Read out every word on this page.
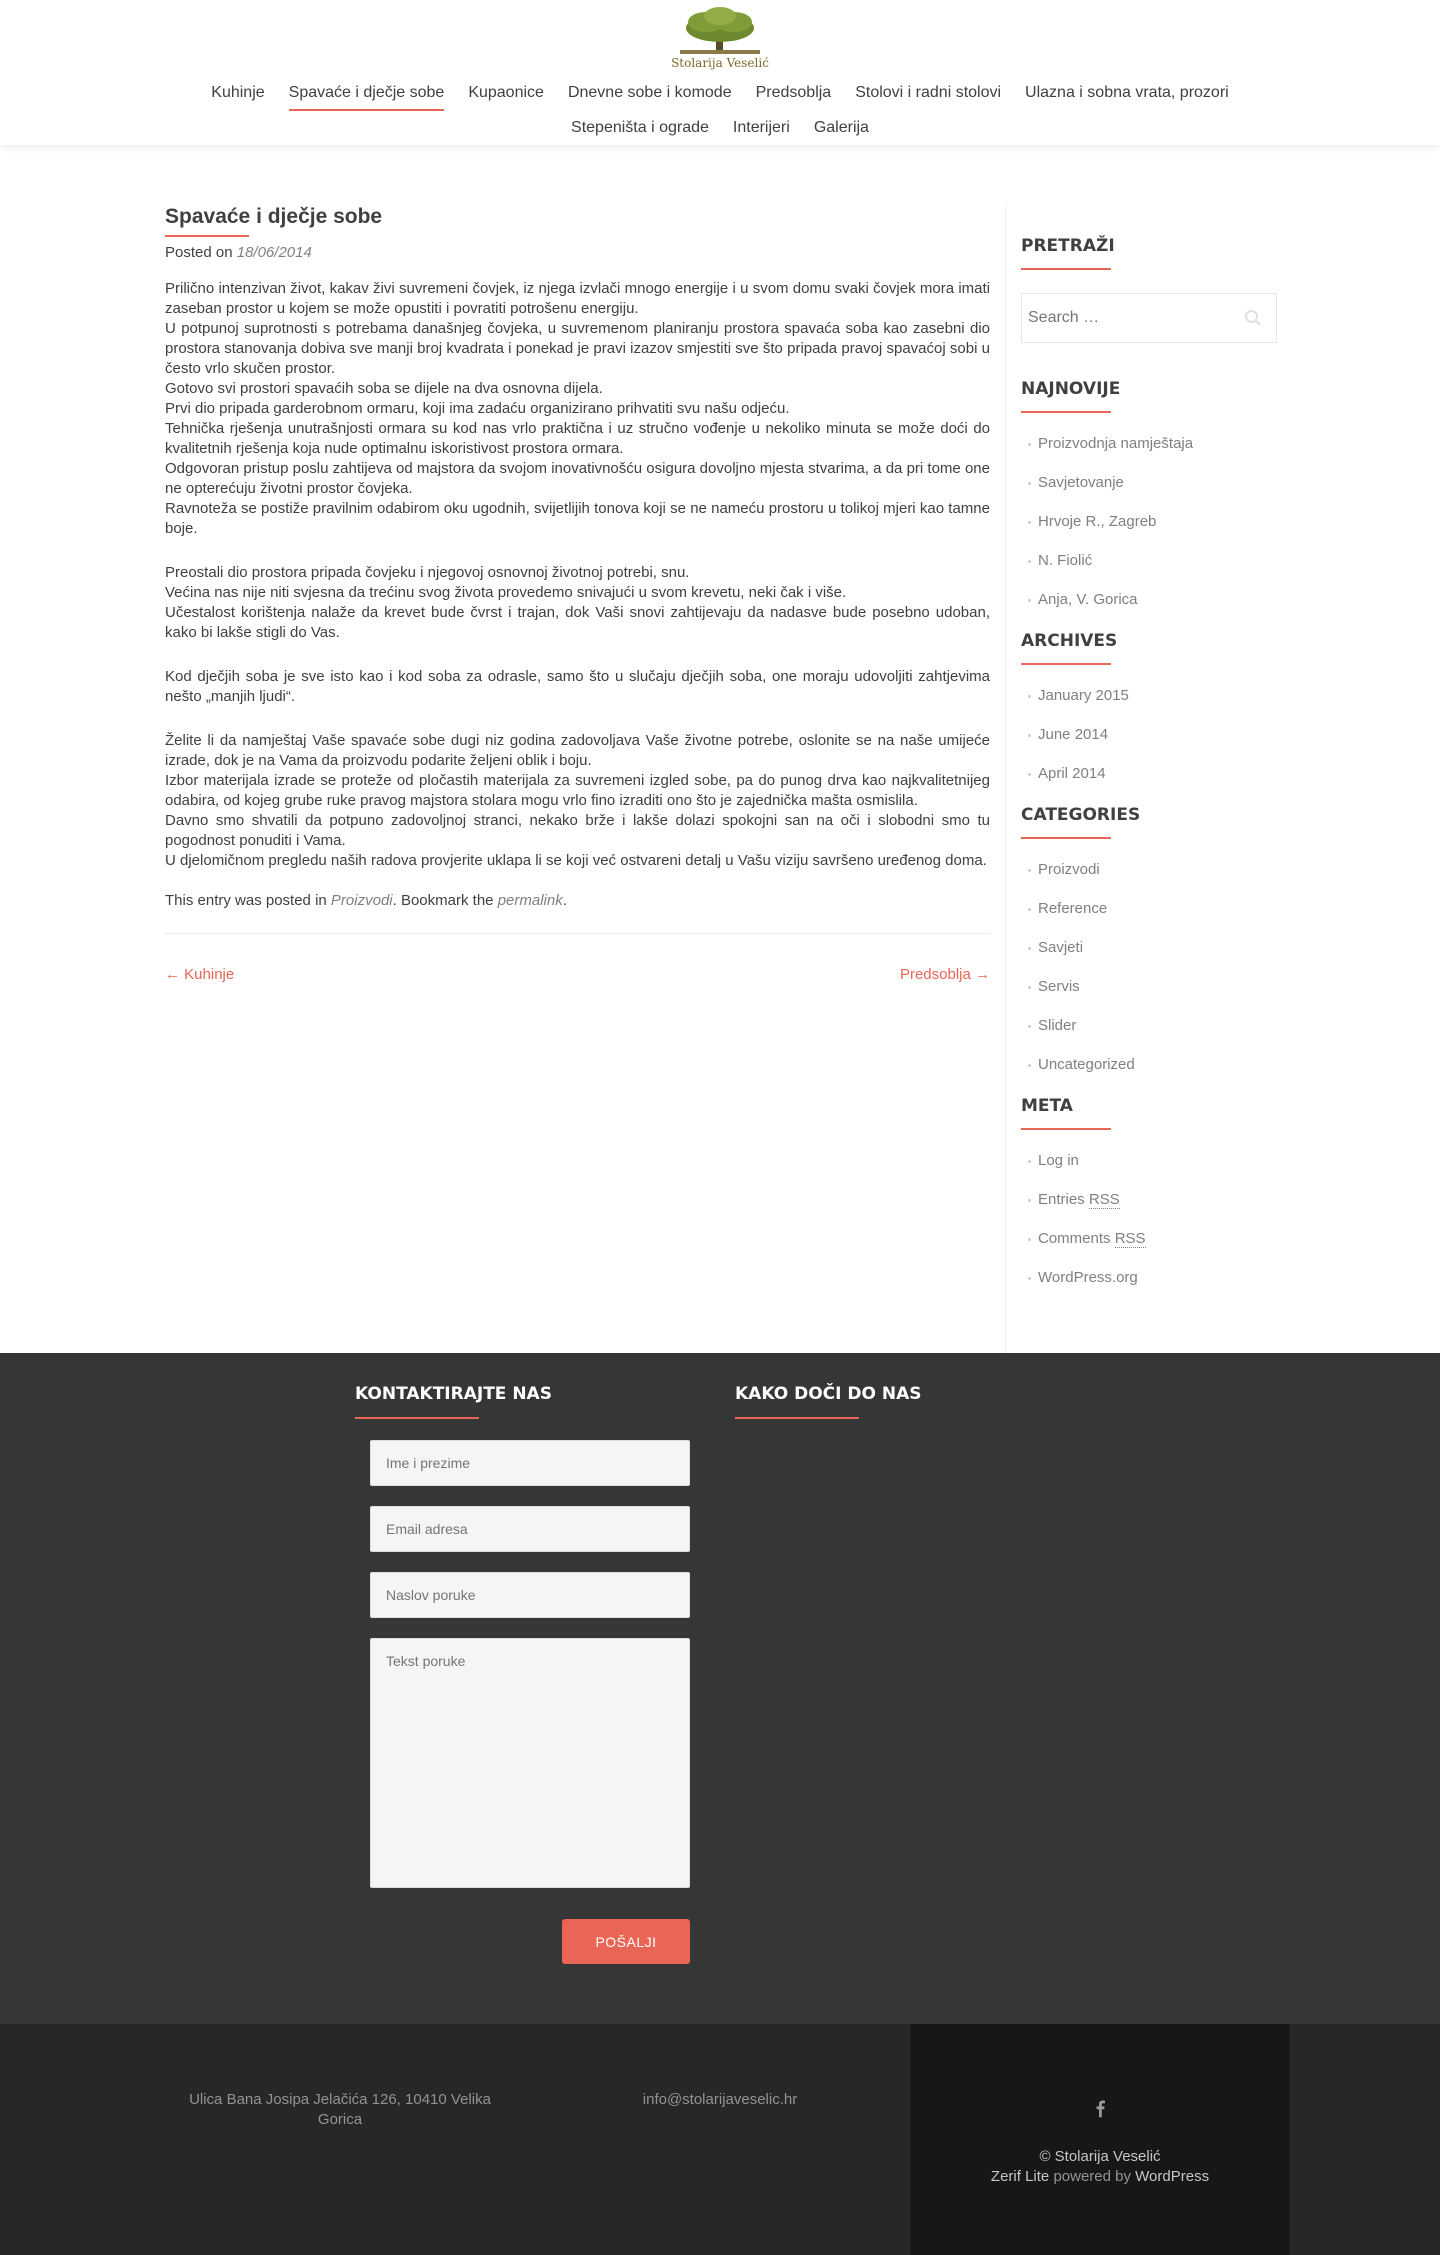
Stolarija Veselić
Kuhinje	Spavaće i dječje sobe	Kupaonice	Dnevne sobe i komode	Predsoblja	Stolovi i radni stolovi	Ulazna i sobna vrata, prozori
Stepeništa i ograde	Interijeri	Galerija
Spavaće i dječje sobe
Posted on 18/06/2014

Prilično intenzivan život, kakav živi suvremeni čovjek, iz njega izvlači mnogo energije i u svom domu svaki čovjek mora imati zaseban prostor u kojem se može opustiti i povratiti potrošenu energiju.
U potpunoj suprotnosti s potrebama današnjeg čovjeka, u suvremenom planiranju prostora spavaća soba kao zasebni dio prostora stanovanja dobiva sve manji broj kvadrata i ponekad je pravi izazov smjestiti sve što pripada pravoj spavaćoj sobi u često vrlo skučen prostor.
Gotovo svi prostori spavaćih soba se dijele na dva osnovna dijela.
Prvi dio pripada garderobnom ormaru, koji ima zadaću organizirano prihvatiti svu našu odjeću.
Tehnička rješenja unutrašnjosti ormara su kod nas vrlo praktična i uz stručno vođenje u nekoliko minuta se može doći do kvalitetnih rješenja koja nude optimalnu iskoristivost prostora ormara.
Odgovoran pristup poslu zahtijeva od majstora da svojom inovativnošću osigura dovoljno mjesta stvarima, a da pri tome one ne opterećuju životni prostor čovjeka.
Ravnoteža se postiže pravilnim odabirom oku ugodnih, svijetlijih tonova koji se ne nameću prostoru u tolikoj mjeri kao tamne boje.

Preostali dio prostora pripada čovjeku i njegovoj osnovnoj životnoj potrebi, snu.
Većina nas nije niti svjesna da trećinu svog života provedemo snivajući u svom krevetu, neki čak i više.
Učestalost korištenja nalaže da krevet bude čvrst i trajan, dok Vaši snovi zahtijevaju da nadasve bude posebno udoban, kako bi lakše stigli do Vas.

Kod dječjih soba je sve isto kao i kod soba za odrasle, samo što u slučaju dječjih soba, one moraju udovoljiti zahtjevima nešto „manjih ljudi“.

Želite li da namještaj Vaše spavaće sobe dugi niz godina zadovoljava Vaše životne potrebe, oslonite se na naše umijeće izrade, dok je na Vama da proizvodu podarite željeni oblik i boju.
Izbor materijala izrade se proteže od pločastih materijala za suvremeni izgled sobe, pa do punog drva kao najkvalitetnijeg odabira, od kojeg grube ruke pravog majstora stolara mogu vrlo fino izraditi ono što je zajednička mašta osmislila.
Davno smo shvatili da potpuno zadovoljnoj stranci, nekako brže i lakše dolazi spokojni san na oči i slobodni smo tu pogodnost ponuditi i Vama.
U djelomičnom pregledu naših radova provjerite uklapa li se koji već ostvareni detalj u Vašu viziju savršeno uređenog doma.

This entry was posted in Proizvodi. Bookmark the permalink.
← Kuhinje	Predsoblja →
PRETRAŽI
Search …
NAJNOVIJE
Proizvodnja namještaja
Savjetovanje
Hrvoje R., Zagreb
N. Fiolić
Anja, V. Gorica
ARCHIVES
January 2015
June 2014
April 2014
CATEGORIES
Proizvodi
Reference
Savjeti
Servis
Slider
Uncategorized
META
Log in
Entries RSS
Comments RSS
WordPress.org
KONTAKTIRAJTE NAS	KAKO DOČI DO NAS
Ime i prezime
Email adresa
Naslov poruke
Tekst poruke
POŠALJI
Ulica Bana Josipa Jelačića 126, 10410 Velika Gorica
info@stolarijaveselic.hr
© Stolarija Veselić
Zerif Lite powered by WordPress
